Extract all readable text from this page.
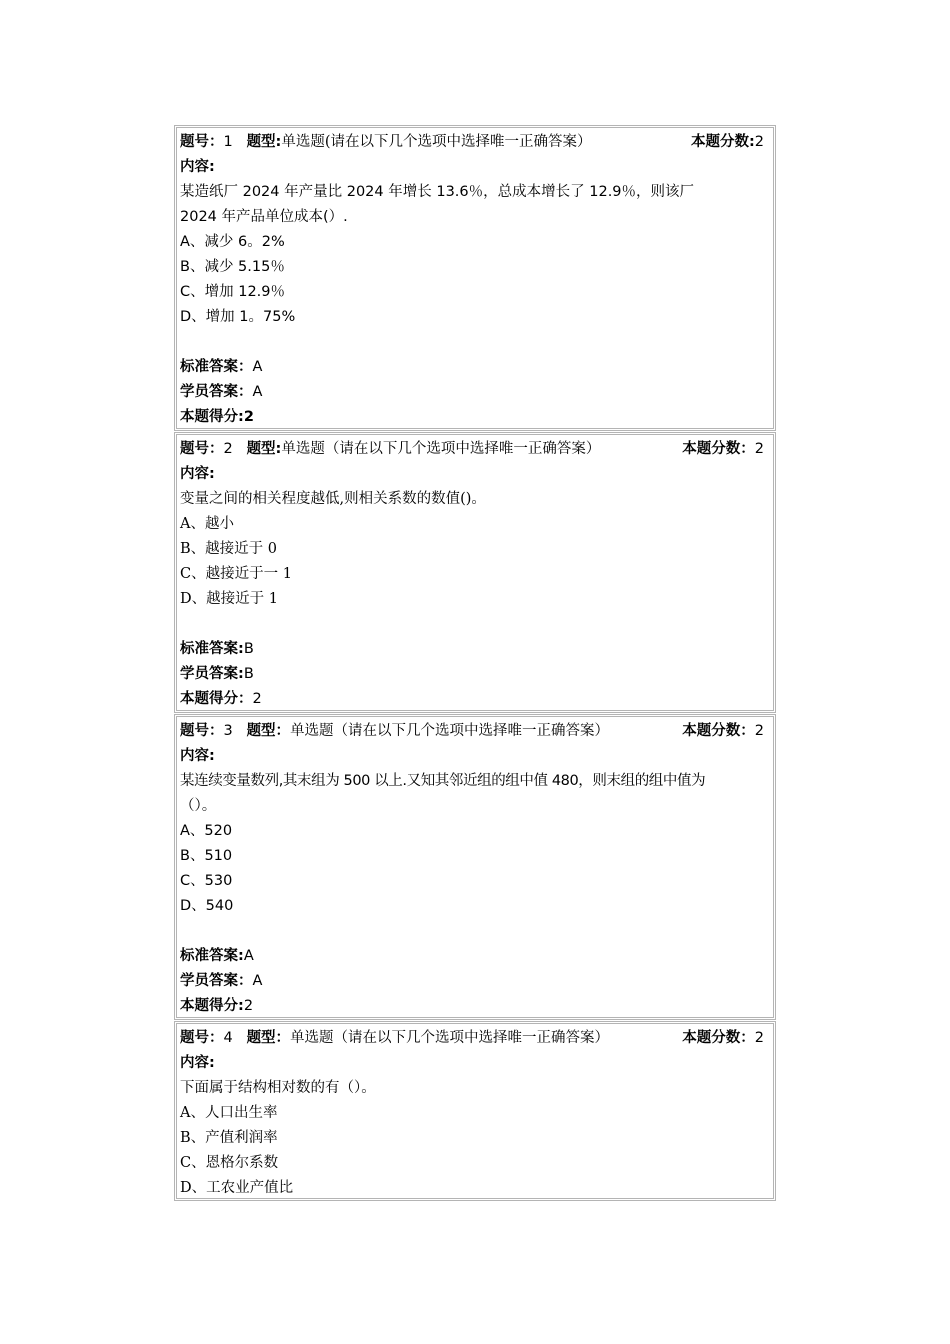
题号：1 题型:单选题(请在以下几个选项中选择唯一正确答案）	本题分数:2
内容:
某造纸厂 2024 年产量比 2024 年增长 13.6％，总成本增长了 12.9％，则该厂
2024 年产品单位成本(）.
A、减少 6。2%
B、减少 5.15％
C、增加 12.9％
D、增加 1。75%
标准答案：A
学员答案：A
本题得分:2
题号：2 题型:单选题（请在以下几个选项中选择唯一正确答案）	本题分数：2
内容:
变量之间的相关程度越低,则相关系数的数值()。
A、越小
B、越接近于 0
C、越接近于一 1
D、越接近于 1
标准答案:B
学员答案:B
本题得分：2
题号：3 题型：单选题（请在以下几个选项中选择唯一正确答案）	本题分数：2
内容:
某连续变量数列,其末组为 500 以上.又知其邻近组的组中值 480，则末组的组中值为
（）。
A、520
B、510
C、530
D、540
标准答案:A
学员答案：A
本题得分:2
题号：4 题型：单选题（请在以下几个选项中选择唯一正确答案）	本题分数：2
内容:
下面属于结构相对数的有（）。
A、人口出生率
B、产值利润率
C、恩格尔系数
D、工农业产值比
